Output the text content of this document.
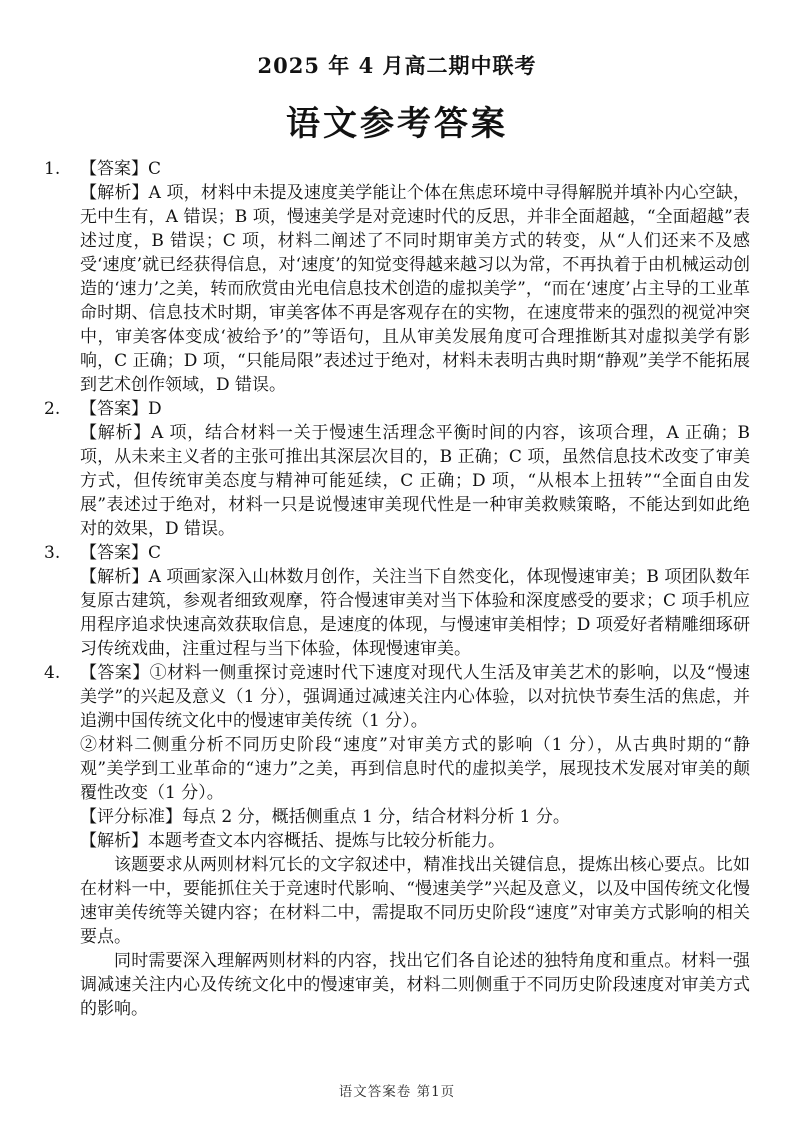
2025 年 4 月高二期中联考
语文参考答案
1.	【答案】C

【解析】A 项，材料中未提及速度美学能让个体在焦虑环境中寻得解脱并填补内心空缺，无中生有，A 错误；B 项，慢速美学是对竞速时代的反思，并非全面超越，“全面超越”表述过度，B 错误；C 项，材料二阐述了不同时期审美方式的转变，从“人们还来不及感受‘速度’就已经获得信息，对‘速度’的知觉变得越来越习以为常，不再执着于由机械运动创造的‘速力’之美，转而欣赏由光电信息技术创造的虚拟美学”，“而在‘速度’占主导的工业革命时期、信息技术时期，审美客体不再是客观存在的实物，在速度带来的强烈的视觉冲突中，审美客体变成‘被给予’的”等语句，且从审美发展角度可合理推断其对虚拟美学有影响，C 正确；D 项，“只能局限”表述过于绝对，材料未表明古典时期“静观”美学不能拓展到艺术创作领域，D 错误。

2.	【答案】D

【解析】A 项，结合材料一关于慢速生活理念平衡时间的内容，该项合理，A 正确；B 项，从未来主义者的主张可推出其深层次目的，B 正确；C 项，虽然信息技术改变了审美方式，但传统审美态度与精神可能延续，C 正确；D 项，“从根本上扭转”“全面自由发展”表述过于绝对，材料一只是说慢速审美现代性是一种审美救赎策略，不能达到如此绝对的效果，D 错误。

3.	【答案】C

【解析】A 项画家深入山林数月创作，关注当下自然变化，体现慢速审美；B 项团队数年复原古建筑，参观者细致观摩，符合慢速审美对当下体验和深度感受的要求；C 项手机应用程序追求快速高效获取信息，是速度的体现，与慢速审美相悖；D 项爱好者精雕细琢研习传统戏曲，注重过程与当下体验，体现慢速审美。

4.	【答案】①材料一侧重探讨竞速时代下速度对现代人生活及审美艺术的影响，以及“慢速美学”的兴起及意义（1 分），强调通过减速关注内心体验，以对抗快节奏生活的焦虑，并追溯中国传统文化中的慢速审美传统（1 分）。

②材料二侧重分析不同历史阶段“速度”对审美方式的影响（1 分），从古典时期的“静观”美学到工业革命的“速力”之美，再到信息时代的虚拟美学，展现技术发展对审美的颠覆性改变（1 分）。

【评分标准】每点 2 分，概括侧重点 1 分，结合材料分析 1 分。

【解析】本题考查文本内容概括、提炼与比较分析能力。

该题要求从两则材料冗长的文字叙述中，精准找出关键信息，提炼出核心要点。比如在材料一中，要能抓住关于竞速时代影响、“慢速美学”兴起及意义，以及中国传统文化慢速审美传统等关键内容；在材料二中，需提取不同历史阶段“速度”对审美方式影响的相关要点。

同时需要深入理解两则材料的内容，找出它们各自论述的独特角度和重点。材料一强调减速关注内心及传统文化中的慢速审美，材料二则侧重于不同历史阶段速度对审美方式的影响。

语文答案卷 第1页
